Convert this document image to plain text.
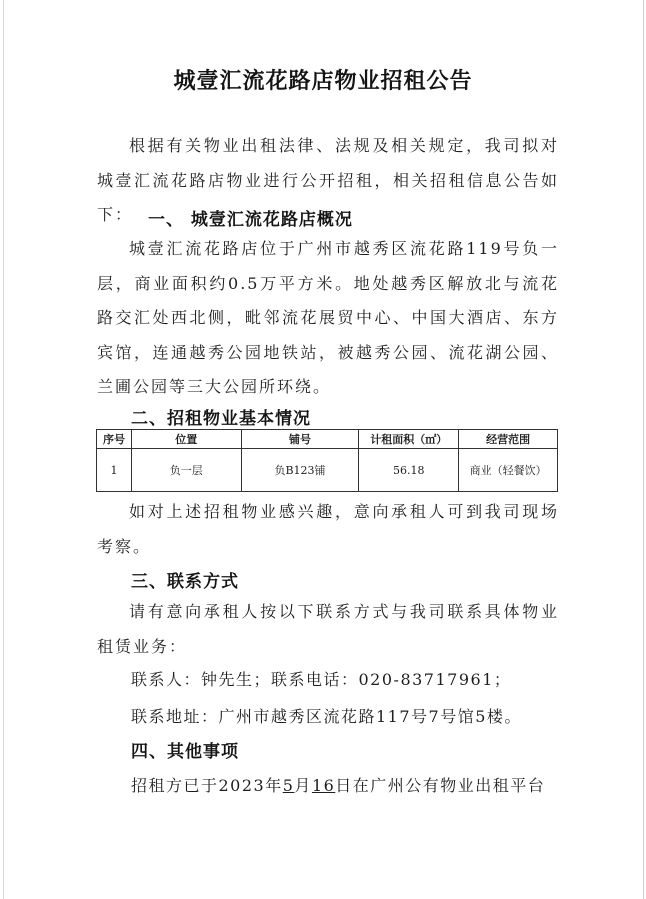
城壹汇流花路店物业招租公告
根据有关物业出租法律、法规及相关规定，我司拟对城壹汇流花路店物业进行公开招租，相关招租信息公告如下： 一、 城壹汇流花路店概况
城壹汇流花路店位于广州市越秀区流花路119号负一层，商业面积约0.5万平方米。地处越秀区解放北与流花路交汇处西北侧，毗邻流花展贸中心、中国大酒店、东方宾馆，连通越秀公园地铁站，被越秀公园、流花湖公园、兰圃公园等三大公园所环绕。
二、招租物业基本情况
序号	位置	铺号	计租面积（㎡）	经营范围
1	负一层	负B123铺	56.18	商业（轻餐饮）
如对上述招租物业感兴趣，意向承租人可到我司现场考察。
三、联系方式
请有意向承租人按以下联系方式与我司联系具体物业租赁业务：
联系人：钟先生；联系电话：020-83717961；
联系地址：广州市越秀区流花路117号7号馆5楼。
四、其他事项
招租方已于2023年5月16日在广州公有物业出租平台
